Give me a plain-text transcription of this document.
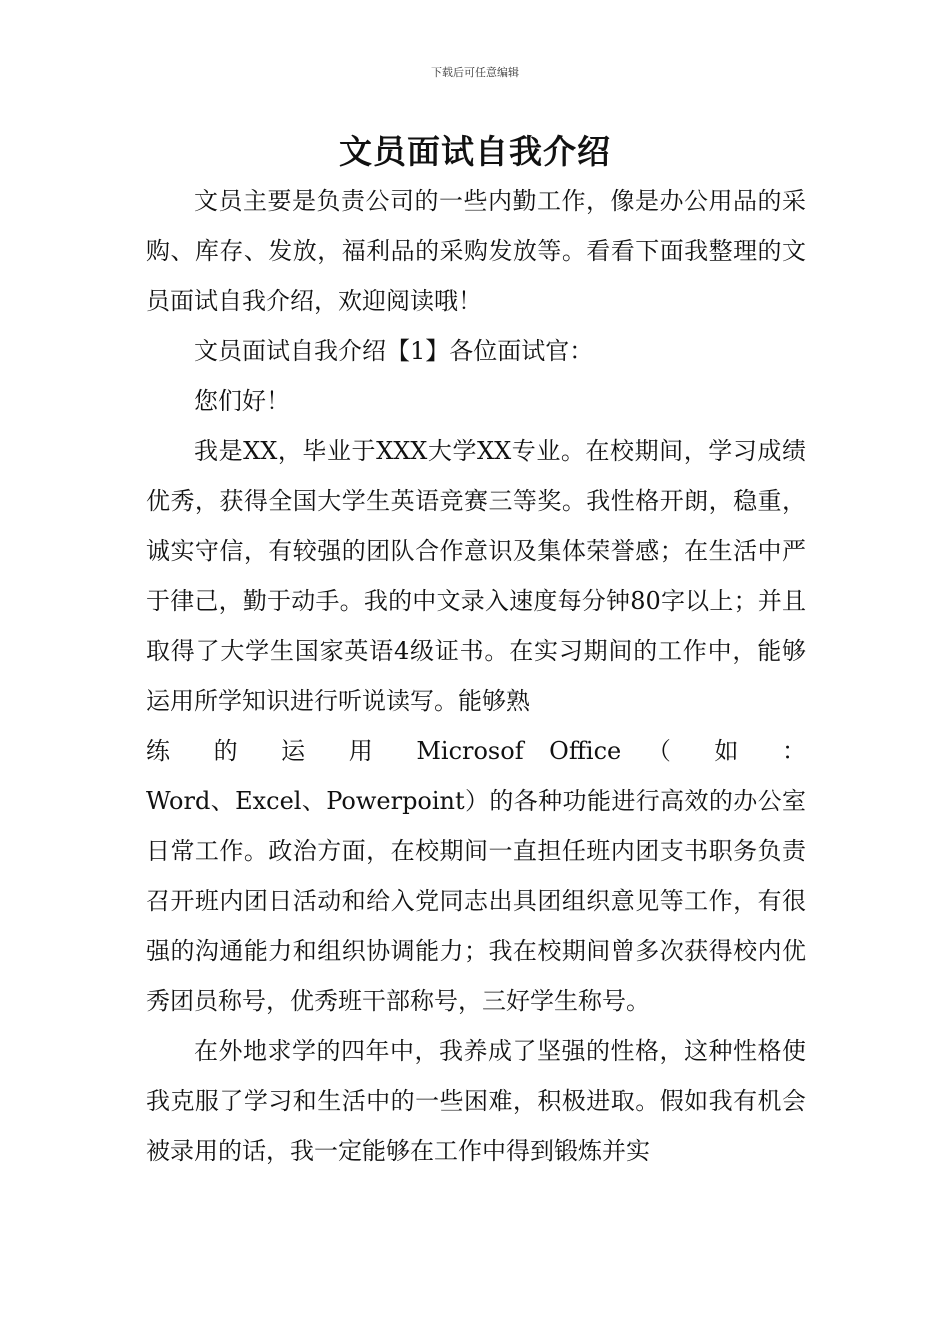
下载后可任意编辑
文员面试自我介绍

文员主要是负责公司的一些内勤工作，像是办公用品的采购、库存、发放，福利品的采购发放等。看看下面我整理的文员面试自我介绍，欢迎阅读哦！

文员面试自我介绍【1】各位面试官：

您们好！

我是XX，毕业于XXX大学XX专业。在校期间，学习成绩优秀，获得全国大学生英语竞赛三等奖。我性格开朗，稳重，诚实守信，有较强的团队合作意识及集体荣誉感；在生活中严于律己，勤于动手。我的中文录入速度每分钟80字以上；并且取得了大学生国家英语4级证书。在实习期间的工作中，能够运用所学知识进行听说读写。能够熟

练 的 运 用 Microsof Office （ 如 ：

Word、Excel、Powerpoint）的各种功能进行高效的办公室日常工作。政治方面，在校期间一直担任班内团支书职务负责召开班内团日活动和给入党同志出具团组织意见等工作，有很强的沟通能力和组织协调能力；我在校期间曾多次获得校内优秀团员称号，优秀班干部称号，三好学生称号。

在外地求学的四年中，我养成了坚强的性格，这种性格使我克服了学习和生活中的一些困难，积极进取。假如我有机会被录用的话，我一定能够在工作中得到锻炼并实
